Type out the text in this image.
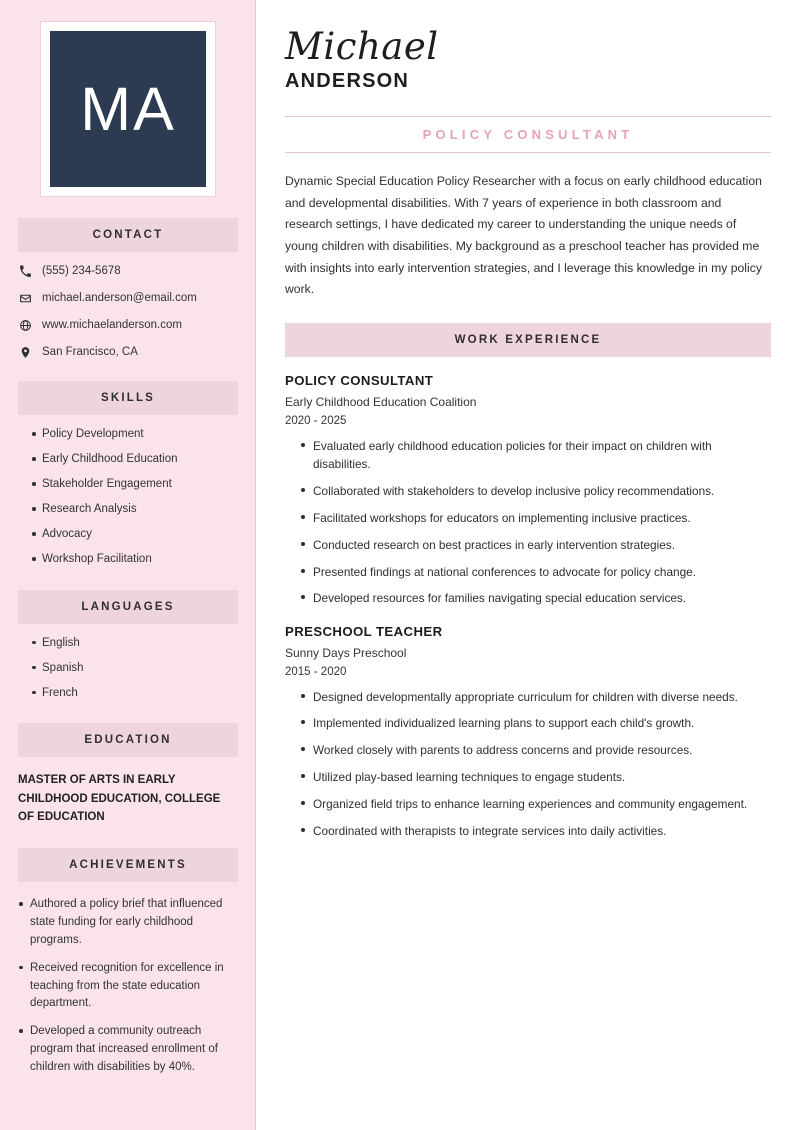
MA
CONTACT
(555) 234-5678
michael.anderson@email.com
www.michaelanderson.com
San Francisco, CA
SKILLS
Policy Development
Early Childhood Education
Stakeholder Engagement
Research Analysis
Advocacy
Workshop Facilitation
LANGUAGES
English
Spanish
French
EDUCATION
MASTER OF ARTS IN EARLY CHILDHOOD EDUCATION, COLLEGE OF EDUCATION
ACHIEVEMENTS
Authored a policy brief that influenced state funding for early childhood programs.
Received recognition for excellence in teaching from the state education department.
Developed a community outreach program that increased enrollment of children with disabilities by 40%.
Michael
ANDERSON
POLICY CONSULTANT

Dynamic Special Education Policy Researcher with a focus on early childhood education and developmental disabilities. With 7 years of experience in both classroom and research settings, I have dedicated my career to understanding the unique needs of young children with disabilities. My background as a preschool teacher has provided me with insights into early intervention strategies, and I leverage this knowledge in my policy work.

WORK EXPERIENCE
POLICY CONSULTANT
Early Childhood Education Coalition
2020 - 2025
Evaluated early childhood education policies for their impact on children with disabilities.
Collaborated with stakeholders to develop inclusive policy recommendations.
Facilitated workshops for educators on implementing inclusive practices.
Conducted research on best practices in early intervention strategies.
Presented findings at national conferences to advocate for policy change.
Developed resources for families navigating special education services.
PRESCHOOL TEACHER
Sunny Days Preschool
2015 - 2020
Designed developmentally appropriate curriculum for children with diverse needs.
Implemented individualized learning plans to support each child's growth.
Worked closely with parents to address concerns and provide resources.
Utilized play-based learning techniques to engage students.
Organized field trips to enhance learning experiences and community engagement.
Coordinated with therapists to integrate services into daily activities.
